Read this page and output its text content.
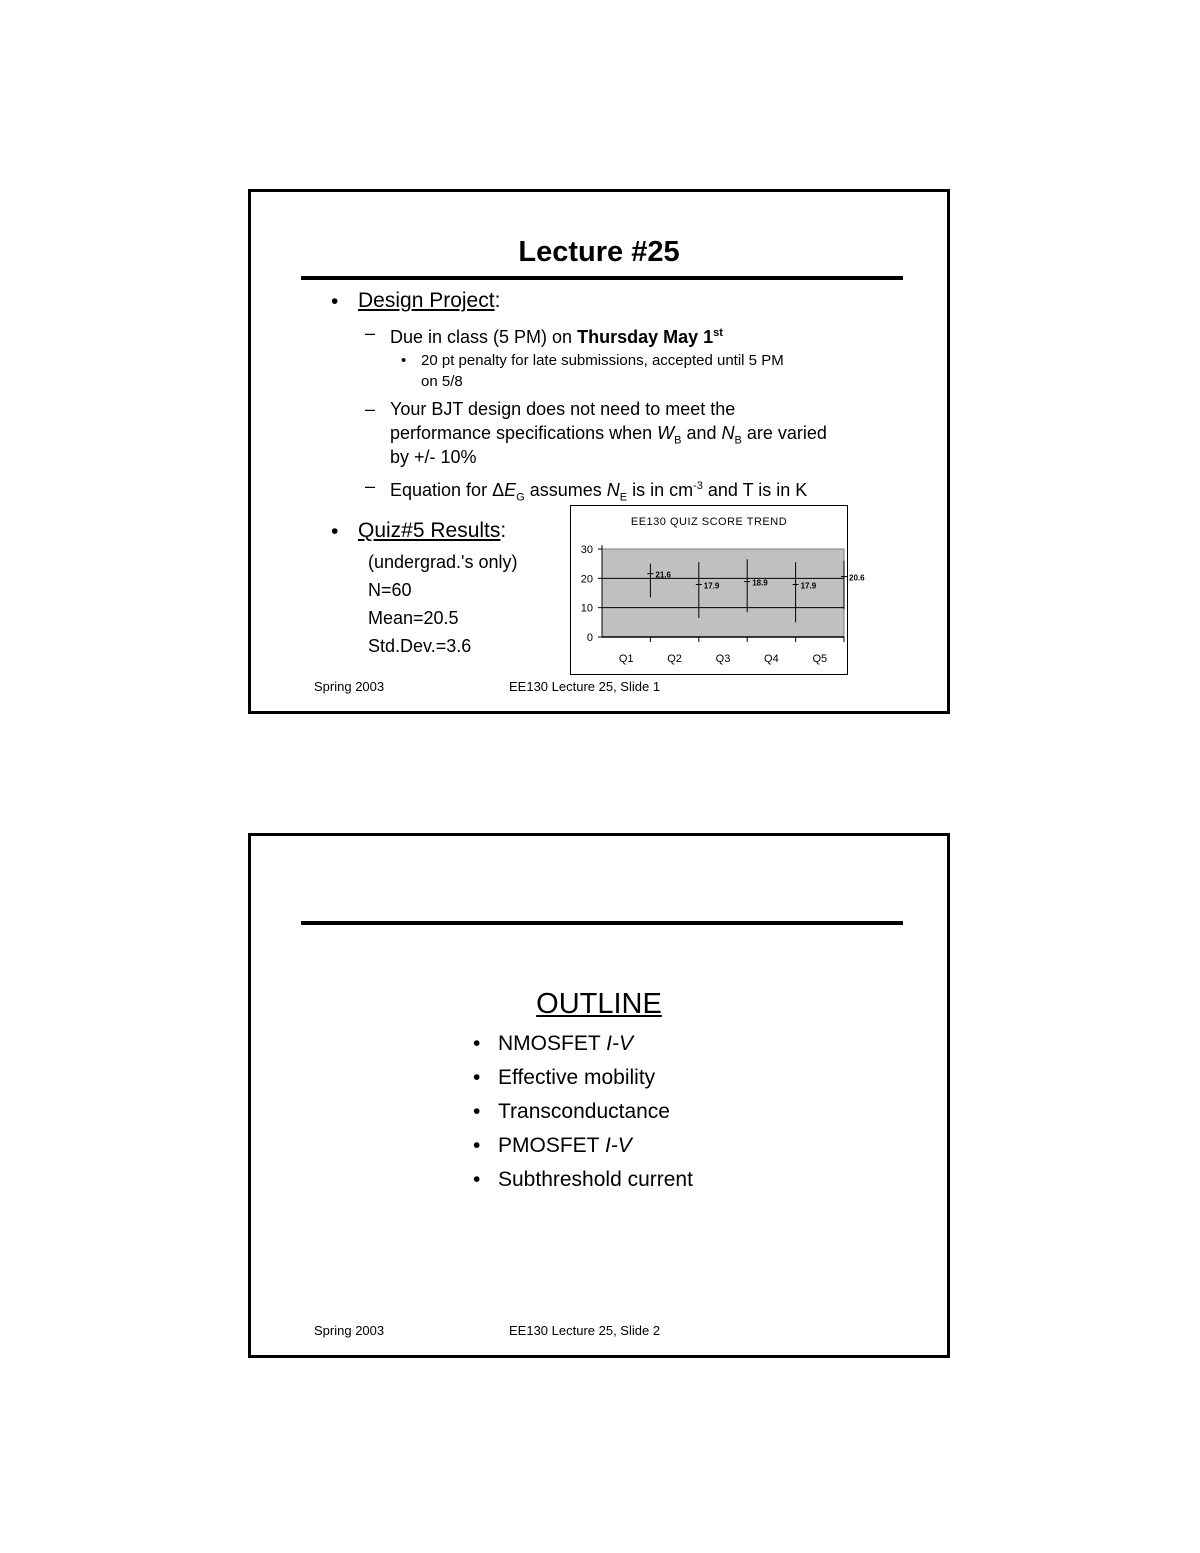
Lecture #25
• Design Project:
– Due in class (5 PM) on Thursday May 1st
• 20 pt penalty for late submissions, accepted until 5 PM
on 5/8
– Your BJT design does not need to meet the
performance specifications when $W_B$ and $N_B$ are varied
by +/- 10%
– Equation for $\Delta E_G$ assumes $N_E$ is in $cm^{-3}$ and T is in K
• Quiz#5 Results:
(undergrad.'s only)
N=60
Mean=20.5
Std.Dev.=3.6
EE130 QUIZ SCORE TREND
0
10
20
30
Q1
21.6
Q2
17.9
Q3
18.9
Q4
17.9
Q5
20.6
Spring 2003	EE130 Lecture 25, Slide 1
OUTLINE
• NMOSFET I-V
• Effective mobility
• Transconductance
• PMOSFET I-V
• Subthreshold current
Spring 2003	EE130 Lecture 25, Slide 2
